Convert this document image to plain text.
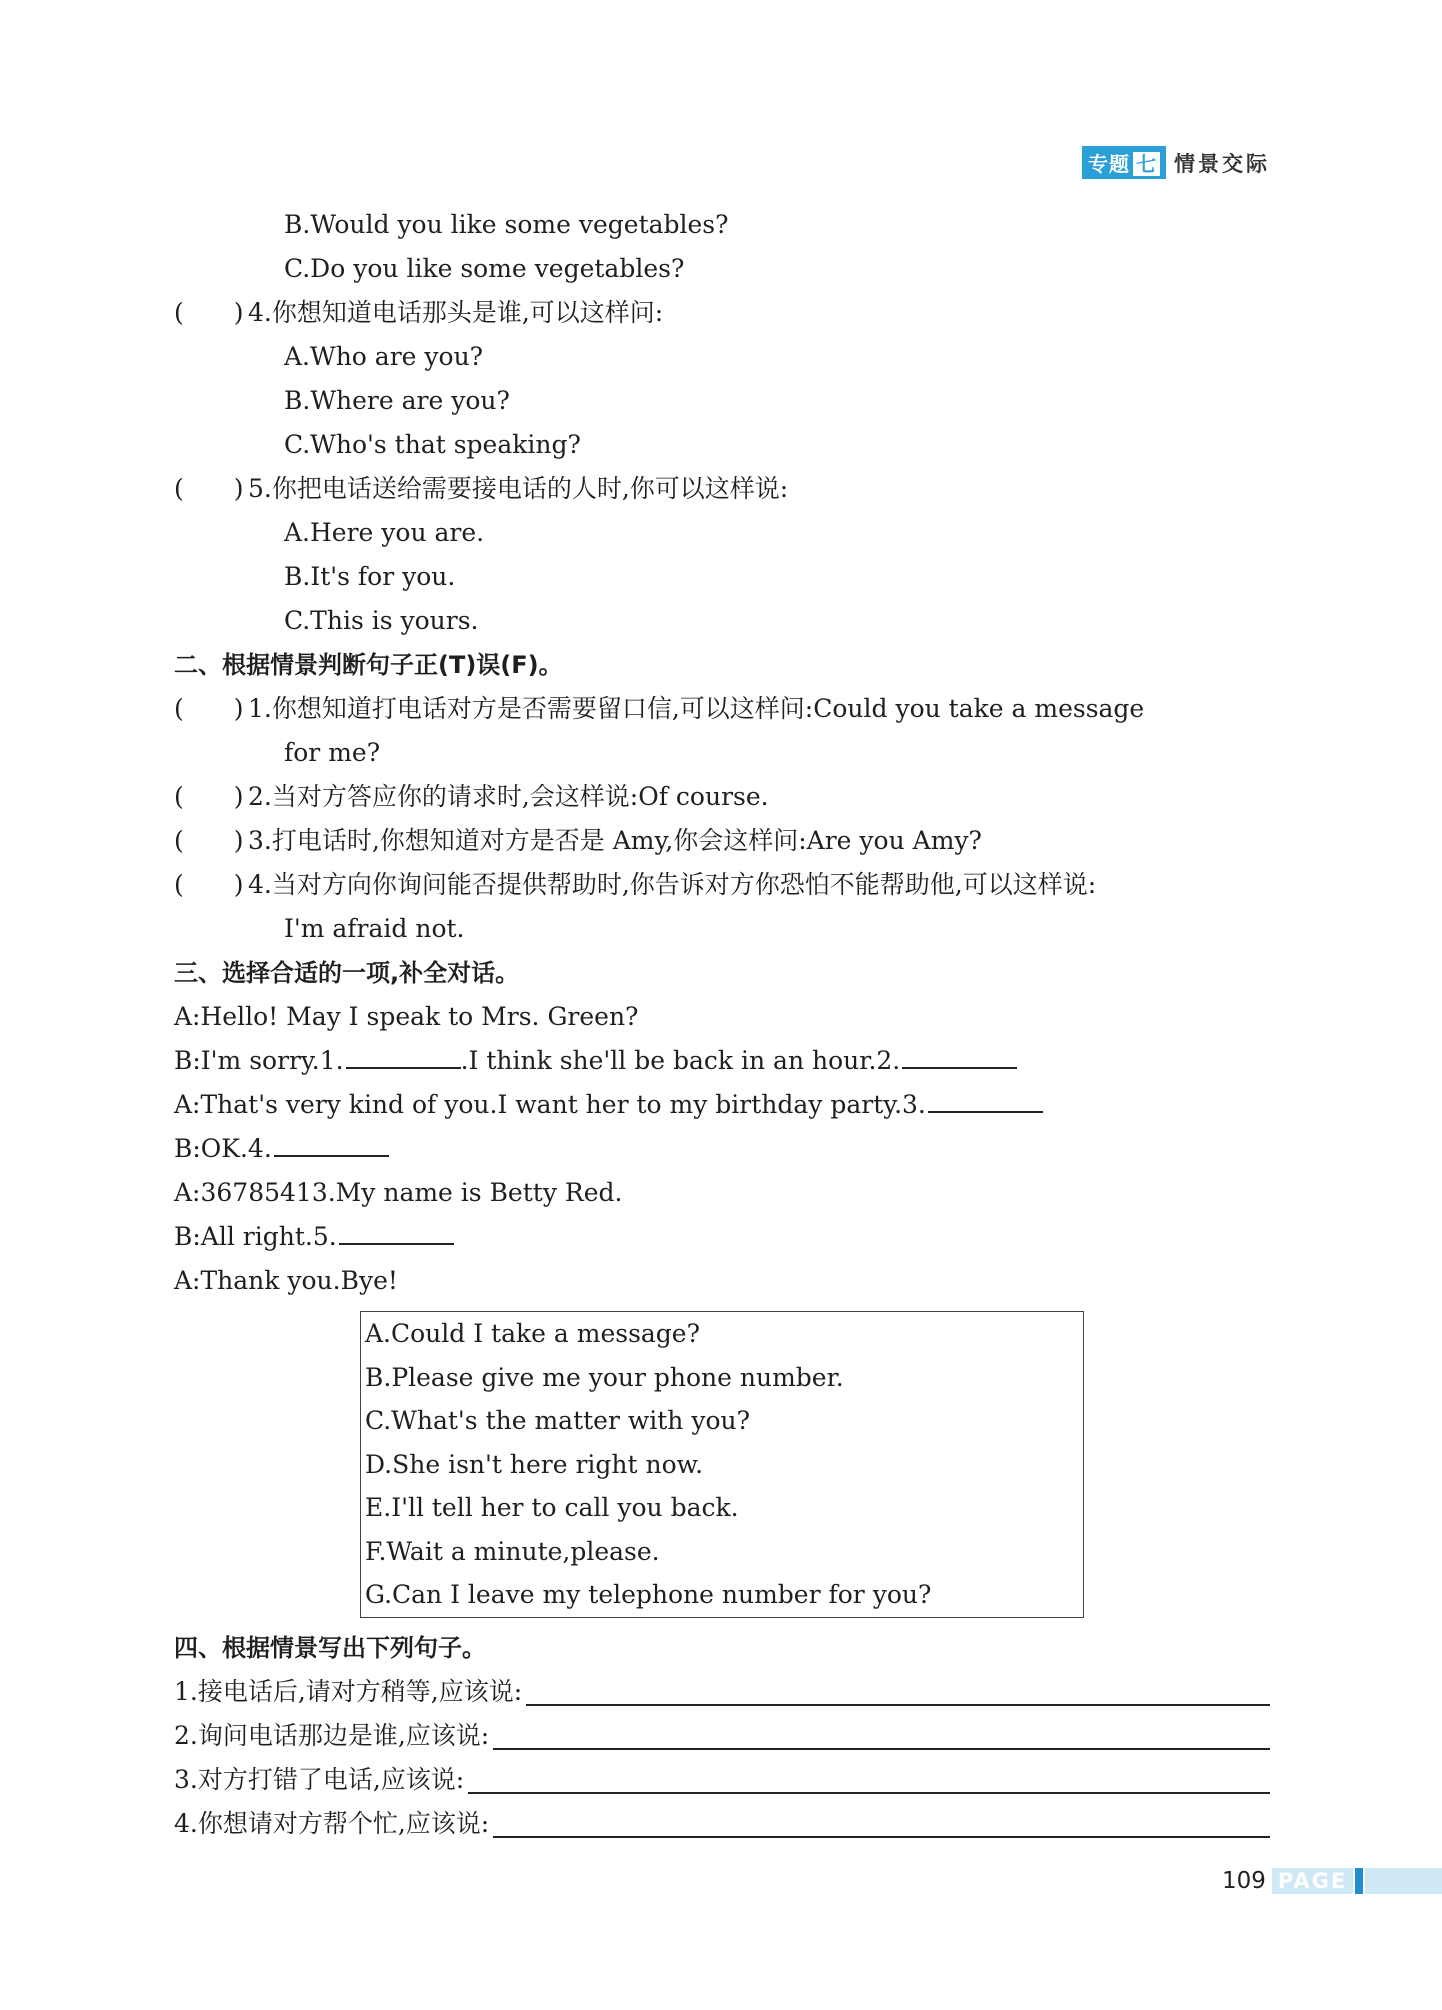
专题 七 情景交际
B.Would you like some vegetables?
C.Do you like some vegetables?
(　　) 4.你想知道电话那头是谁,可以这样问:
A.Who are you?
B.Where are you?
C.Who's that speaking?
(　　) 5.你把电话送给需要接电话的人时,你可以这样说:
A.Here you are.
B.It's for you.
C.This is yours.
二、根据情景判断句子正(T)误(F)。
(　　) 1.你想知道打电话对方是否需要留口信,可以这样问:Could you take a message
for me?
(　　) 2.当对方答应你的请求时,会这样说:Of course.
(　　) 3.打电话时,你想知道对方是否是 Amy,你会这样问:Are you Amy?
(　　) 4.当对方向你询问能否提供帮助时,你告诉对方你恐怕不能帮助他,可以这样说:
I'm afraid not.
三、选择合适的一项,补全对话。
A:Hello! May I speak to Mrs. Green?
B:I'm sorry.1.	.I think she'll be back in an hour.2.
A:That's very kind of you.I want her to my birthday party.3.
B:OK.4.
A:36785413.My name is Betty Red.
B:All right.5.
A:Thank you.Bye!
A.Could I take a message?
B.Please give me your phone number.
C.What's the matter with you?
D.She isn't here right now.
E.I'll tell her to call you back.
F.Wait a minute,please.
G.Can I leave my telephone number for you?
四、根据情景写出下列句子。
1.接电话后,请对方稍等,应该说:
2.询问电话那边是谁,应该说:
3.对方打错了电话,应该说:
4.你想请对方帮个忙,应该说:
109 PAGE
